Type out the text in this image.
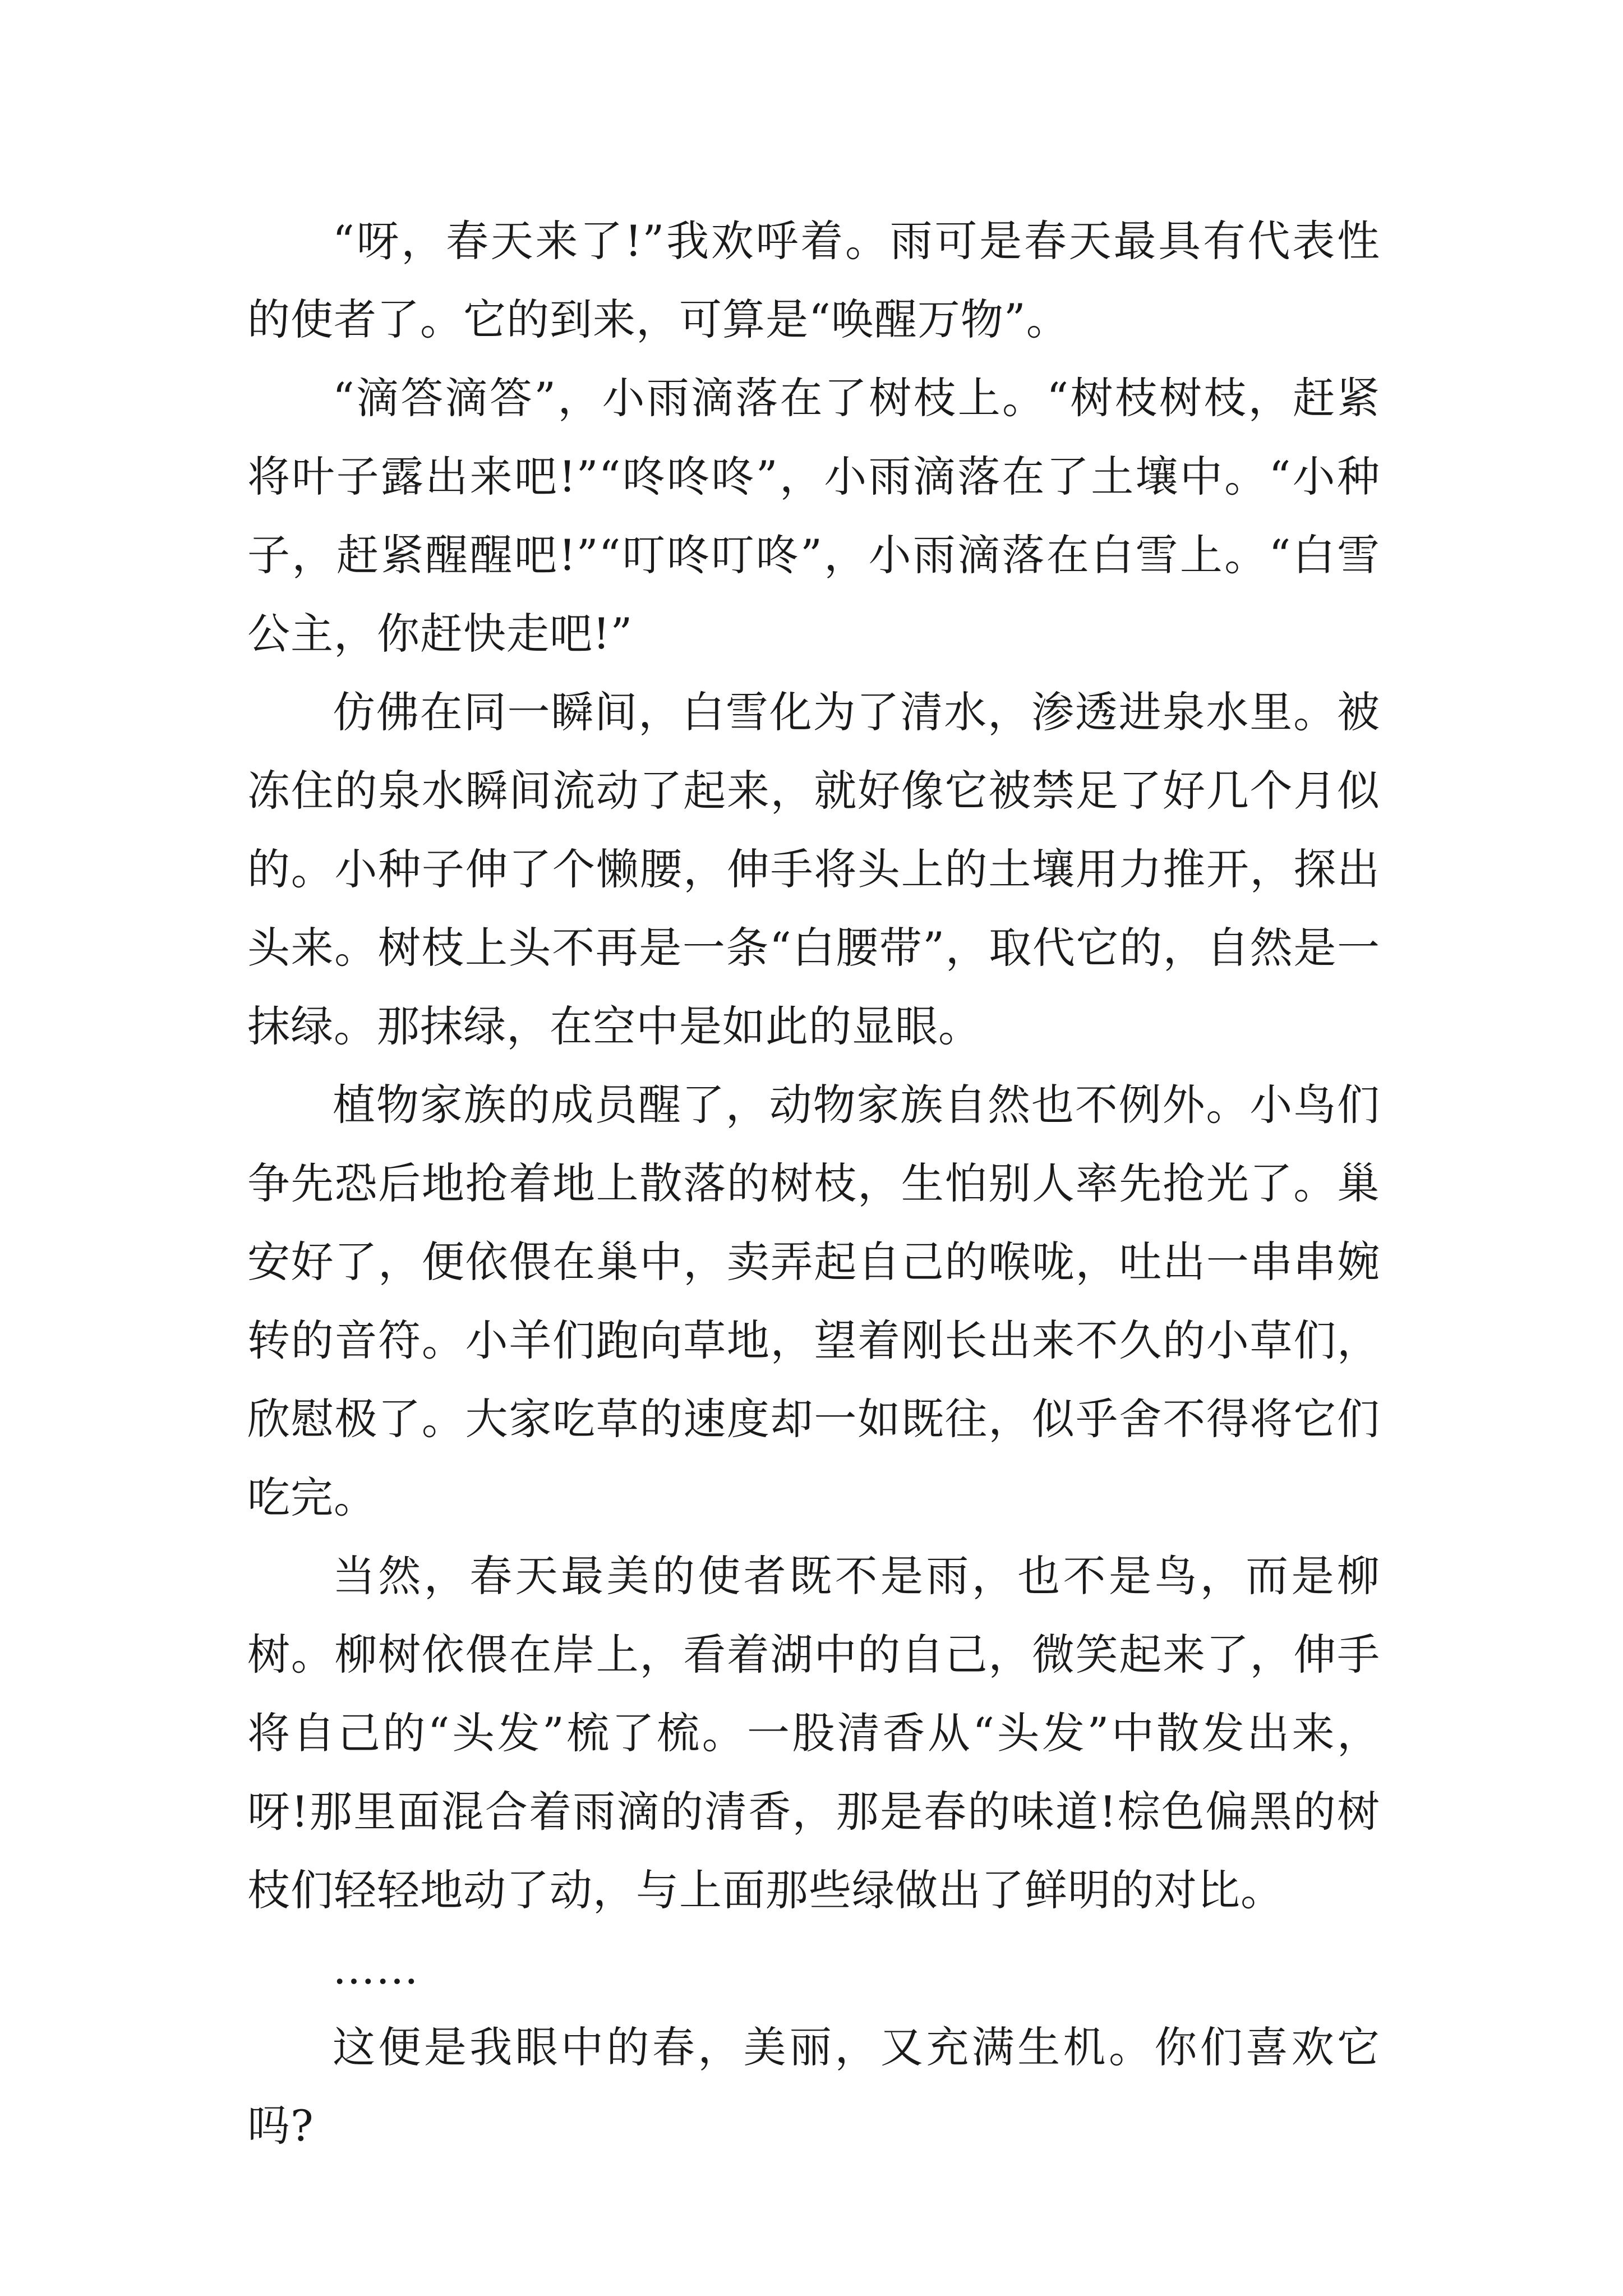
“呀，春天来了!”我欢呼着。雨可是春天最具有代表性的使者了。它的到来，可算是“唤醒万物”。

“滴答滴答”，小雨滴落在了树枝上。“树枝树枝，赶紧将叶子露出来吧!”“咚咚咚”，小雨滴落在了土壤中。“小种子，赶紧醒醒吧!”“叮咚叮咚”，小雨滴落在白雪上。“白雪公主，你赶快走吧!”

仿佛在同一瞬间，白雪化为了清水，渗透进泉水里。被冻住的泉水瞬间流动了起来，就好像它被禁足了好几个月似的。小种子伸了个懒腰，伸手将头上的土壤用力推开，探出头来。树枝上头不再是一条“白腰带”，取代它的，自然是一抹绿。那抹绿，在空中是如此的显眼。

植物家族的成员醒了，动物家族自然也不例外。小鸟们争先恐后地抢着地上散落的树枝，生怕别人率先抢光了。巢安好了，便依偎在巢中，卖弄起自己的喉咙，吐出一串串婉转的音符。小羊们跑向草地，望着刚长出来不久的小草们，欣慰极了。大家吃草的速度却一如既往，似乎舍不得将它们吃完。

当然，春天最美的使者既不是雨，也不是鸟，而是柳树。柳树依偎在岸上，看着湖中的自己，微笑起来了，伸手将自己的“头发”梳了梳。一股清香从“头发”中散发出来，呀!那里面混合着雨滴的清香，那是春的味道!棕色偏黑的树枝们轻轻地动了动，与上面那些绿做出了鲜明的对比。

……

这便是我眼中的春，美丽，又充满生机。你们喜欢它吗?
